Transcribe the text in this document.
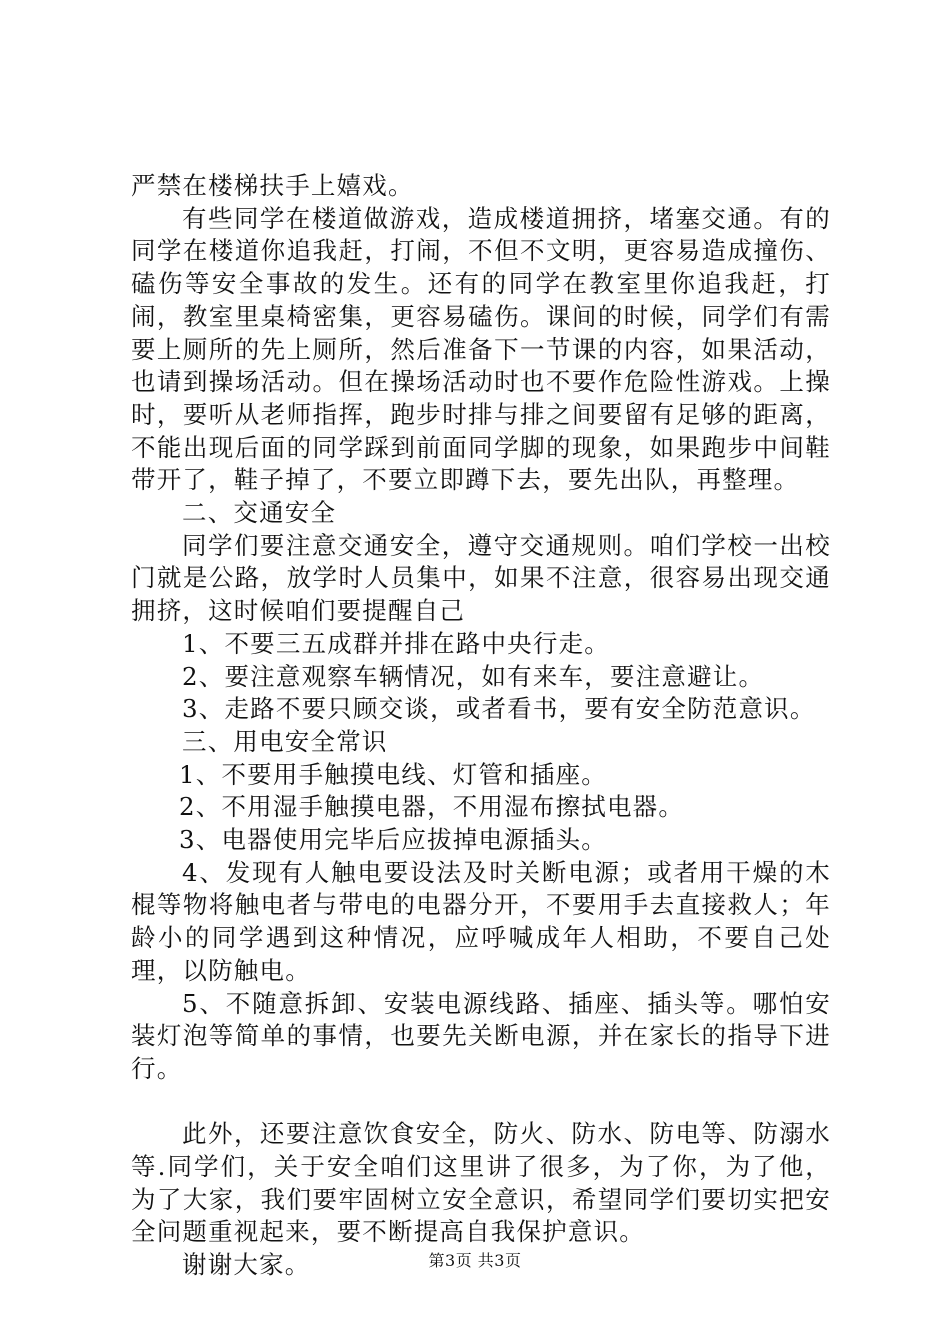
严禁在楼梯扶手上嬉戏。

有些同学在楼道做游戏，造成楼道拥挤，堵塞交通。有的同学在楼道你追我赶，打闹，不但不文明，更容易造成撞伤、磕伤等安全事故的发生。还有的同学在教室里你追我赶，打闹，教室里桌椅密集，更容易磕伤。课间的时候，同学们有需要上厕所的先上厕所，然后准备下一节课的内容，如果活动，也请到操场活动。但在操场活动时也不要作危险性游戏。上操时，要听从老师指挥，跑步时排与排之间要留有足够的距离，不能出现后面的同学踩到前面同学脚的现象，如果跑步中间鞋带开了，鞋子掉了，不要立即蹲下去，要先出队，再整理。

二、交通安全

同学们要注意交通安全，遵守交通规则。咱们学校一出校门就是公路，放学时人员集中，如果不注意，很容易出现交通拥挤，这时候咱们要提醒自己

1、不要三五成群并排在路中央行走。

2、要注意观察车辆情况，如有来车，要注意避让。

3、走路不要只顾交谈，或者看书，要有安全防范意识。

三、用电安全常识

1、不要用手触摸电线、灯管和插座。

2、不用湿手触摸电器，不用湿布擦拭电器。

3、电器使用完毕后应拔掉电源插头。

4、发现有人触电要设法及时关断电源；或者用干燥的木棍等物将触电者与带电的电器分开，不要用手去直接救人；年龄小的同学遇到这种情况，应呼喊成年人相助，不要自己处理，以防触电。

5、不随意拆卸、安装电源线路、插座、插头等。哪怕安装灯泡等简单的事情，也要先关断电源，并在家长的指导下进行。

此外，还要注意饮食安全，防火、防水、防电等、防溺水等.同学们，关于安全咱们这里讲了很多，为了你，为了他，为了大家，我们要牢固树立安全意识，希望同学们要切实把安全问题重视起来，要不断提高自我保护意识。

谢谢大家。	第3页 共3页
